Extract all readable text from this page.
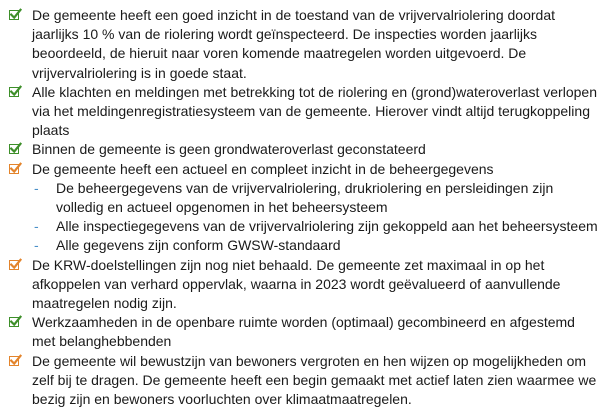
De gemeente heeft een goed inzicht in de toestand van de vrijvervalriolering doordat jaarlijks 10 % van de riolering wordt geïnspecteerd. De inspecties worden jaarlijks beoordeeld, de hieruit naar voren komende maatregelen worden uitgevoerd. De vrijvervalriolering is in goede staat.
Alle klachten en meldingen met betrekking tot de riolering en (grond)wateroverlast verlopen via het meldingenregistratiesysteem van de gemeente. Hierover vindt altijd terugkoppeling plaats
Binnen de gemeente is geen grondwateroverlast geconstateerd
De gemeente heeft een actueel en compleet inzicht in de beheergegevens
- De beheergegevens van de vrijvervalriolering, drukriolering en persleidingen zijn volledig en actueel opgenomen in het beheersysteem
- Alle inspectiegegevens van de vrijvervalriolering zijn gekoppeld aan het beheersysteem
- Alle gegevens zijn conform GWSW-standaard
De KRW-doelstellingen zijn nog niet behaald. De gemeente zet maximaal in op het afkoppelen van verhard oppervlak, waarna in 2023 wordt geëvalueerd of aanvullende maatregelen nodig zijn.
Werkzaamheden in de openbare ruimte worden (optimaal) gecombineerd en afgestemd met belanghebbenden
De gemeente wil bewustzijn van bewoners vergroten en hen wijzen op mogelijkheden om zelf bij te dragen. De gemeente heeft een begin gemaakt met actief laten zien waarmee we bezig zijn en bewoners voorluchten over klimaatmaatregelen.
